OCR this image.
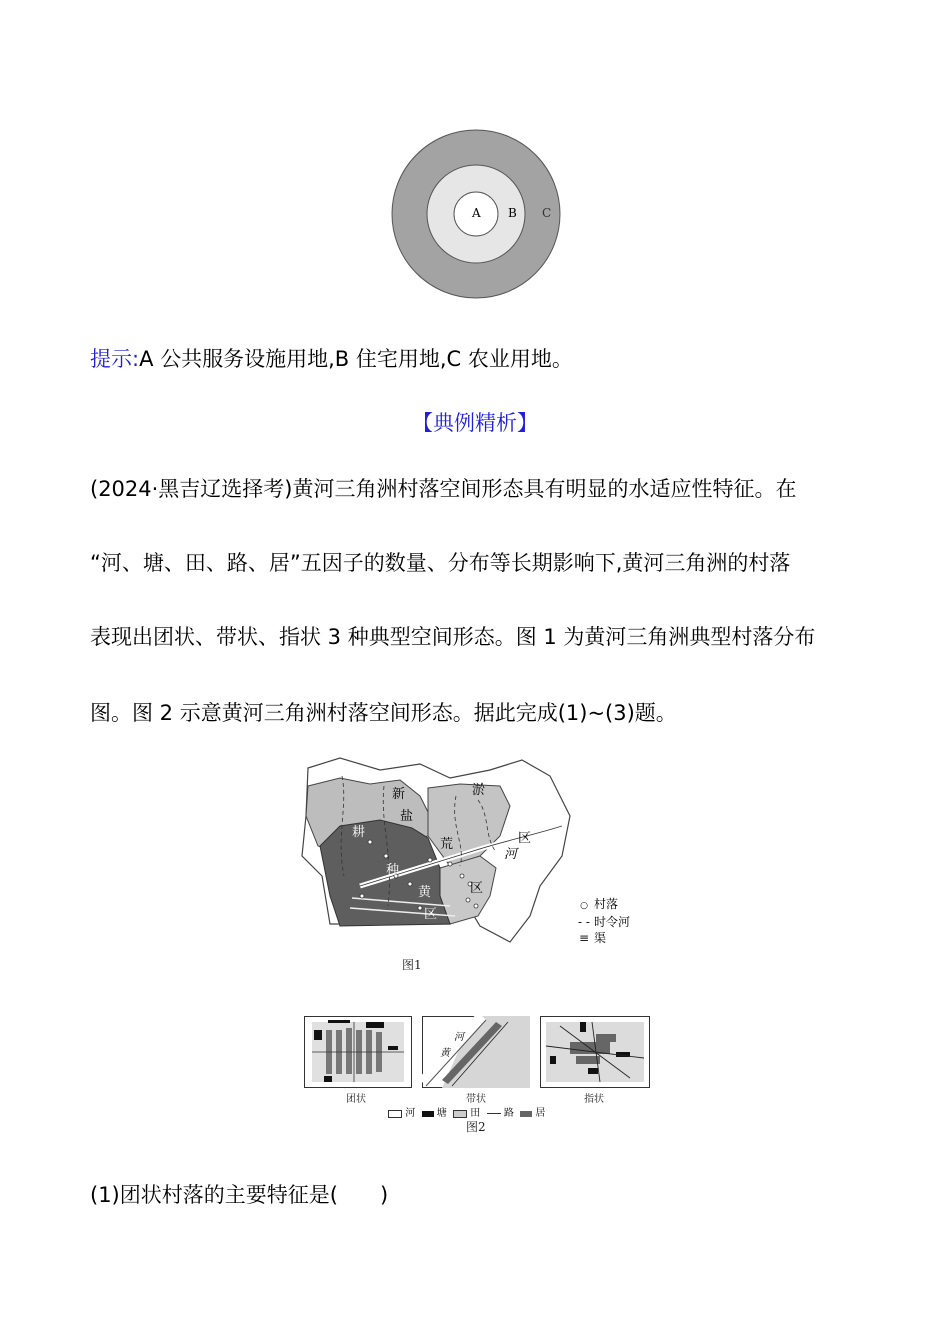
A B C
提示:A 公共服务设施用地,B 住宅用地,C 农业用地。
【典例精析】
(2024·黑吉辽选择考)黄河三角洲村落空间形态具有明显的水适应性特征。在
“河、塘、田、路、居”五因子的数量、分布等长期影响下,黄河三角洲的村落
表现出团状、带状、指状 3 种典型空间形态。图 1 为黄河三角洲典型村落分布
图。图 2 示意黄河三角洲村落空间形态。据此完成(1)~(3)题。
新	淤
盐
耕
荒	区
河
种
黄	区
区
○ 村落
- - 时令河
≡ 渠
图1
河
黄
团状	带状	指状
河 塘 田 路 居
图2
(1)团状村落的主要特征是(　　)
